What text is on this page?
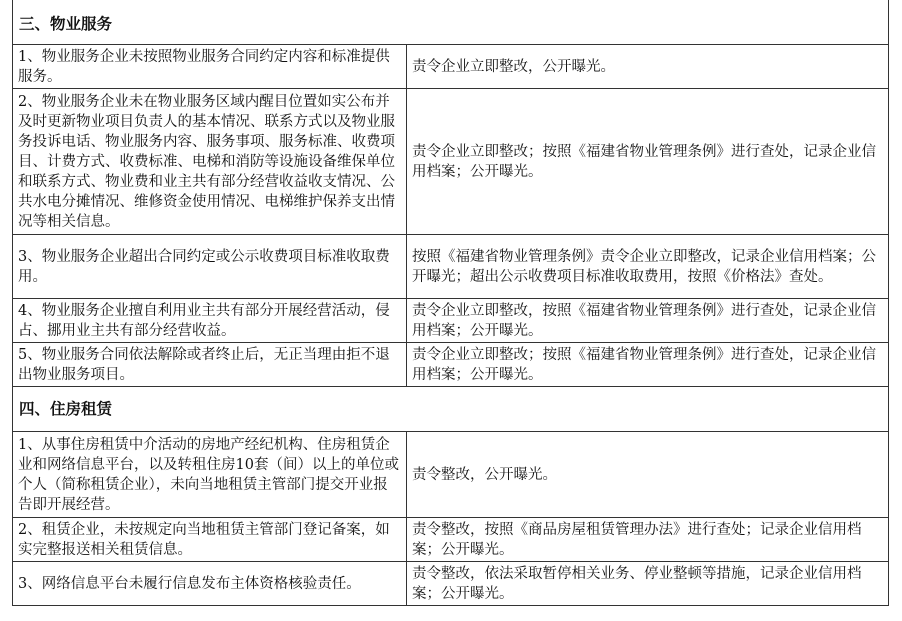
三、物业服务	
1、物业服务企业未按照物业服务合同约定内容和标准提供服务。	责令企业立即整改，公开曝光。
2、物业服务企业未在物业服务区域内醒目位置如实公布并及时更新物业项目负责人的基本情况、联系方式以及物业服务投诉电话、物业服务内容、服务事项、服务标准、收费项目、计费方式、收费标准、电梯和消防等设施设备维保单位和联系方式、物业费和业主共有部分经营收益收支情况、公共水电分摊情况、维修资金使用情况、电梯维护保养支出情况等相关信息。	责令企业立即整改；按照《福建省物业管理条例》进行查处，记录企业信用档案；公开曝光。
3、物业服务企业超出合同约定或公示收费项目标准收取费用。	按照《福建省物业管理条例》责令企业立即整改，记录企业信用档案；公开曝光；超出公示收费项目标准收取费用，按照《价格法》查处。
4、物业服务企业擅自利用业主共有部分开展经营活动，侵占、挪用业主共有部分经营收益。	责令企业立即整改，按照《福建省物业管理条例》进行查处，记录企业信用档案；公开曝光。
5、物业服务合同依法解除或者终止后，无正当理由拒不退出物业服务项目。	责令企业立即整改；按照《福建省物业管理条例》进行查处，记录企业信用档案；公开曝光。
四、住房租赁	
1、从事住房租赁中介活动的房地产经纪机构、住房租赁企业和网络信息平台，以及转租住房10套（间）以上的单位或个人（简称租赁企业），未向当地租赁主管部门提交开业报告即开展经营。	责令整改，公开曝光。
2、租赁企业，未按规定向当地租赁主管部门登记备案，如实完整报送相关租赁信息。	责令整改，按照《商品房屋租赁管理办法》进行查处；记录企业信用档案；公开曝光。
3、网络信息平台未履行信息发布主体资格核验责任。	责令整改，依法采取暂停相关业务、停业整顿等措施，记录企业信用档案；公开曝光。
